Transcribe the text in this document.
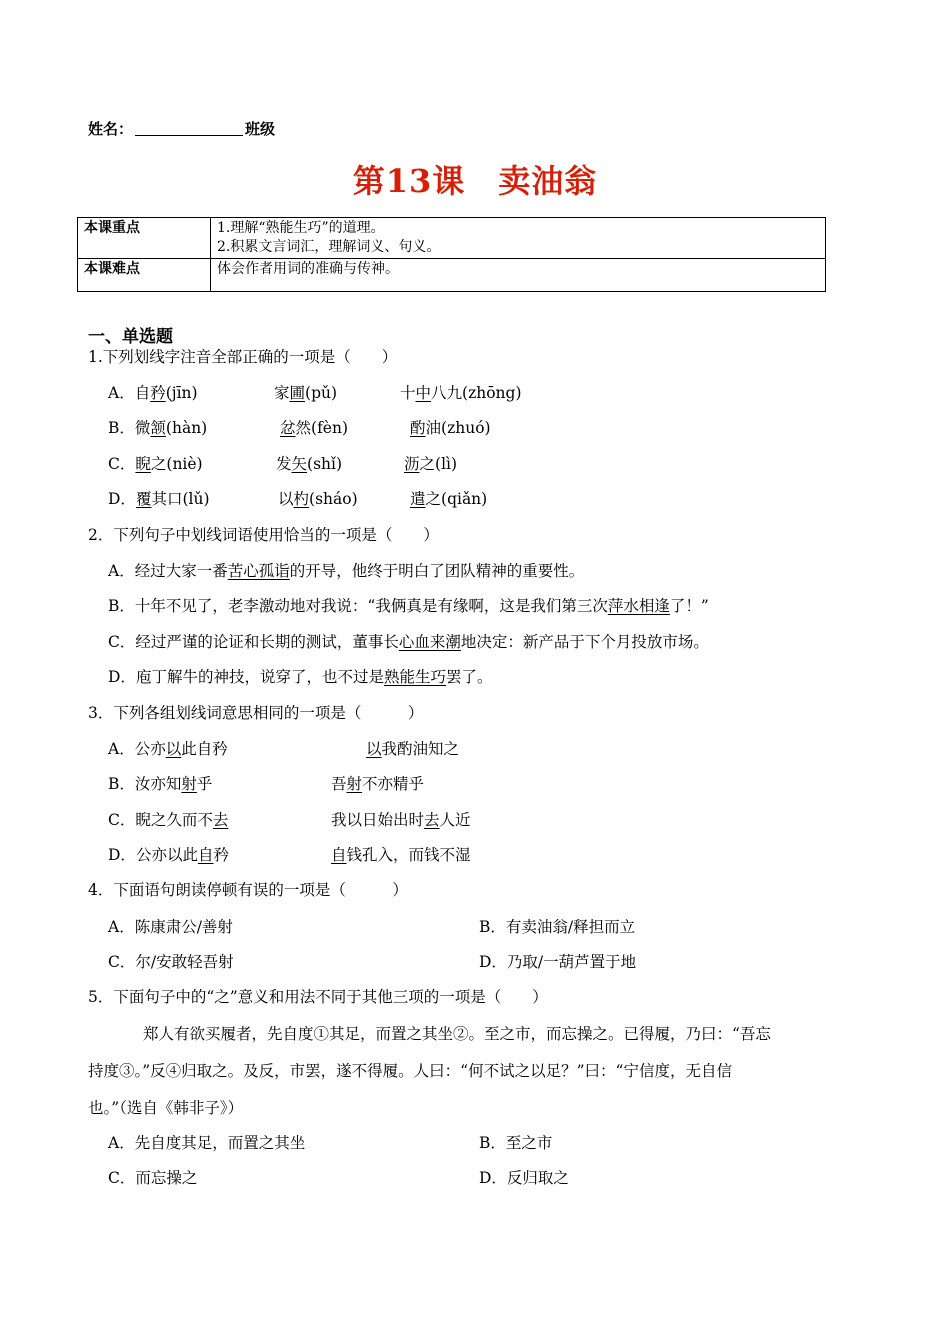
姓名：	班级
第13课　卖油翁
本课重点	1.理解“熟能生巧”的道理。
2.积累文言词汇，理解词义、句义。

本课难点	体会作者用词的准确与传神。
一、单选题
1.下列划线字注音全部正确的一项是（　　）
A．自矜(jīn)	家圃(pǔ)	十中八九(zhōng)
B．微颔(hàn)	忿然(fèn)	酌油(zhuó)
C．睨之(niè)	发矢(shǐ)	沥之(lì)
D．覆其口(lǔ)	以杓(sháo)	遣之(qiǎn)
2．下列句子中划线词语使用恰当的一项是（　　）
A．经过大家一番苦心孤诣的开导，他终于明白了团队精神的重要性。
B．十年不见了，老李激动地对我说：“我俩真是有缘啊，这是我们第三次萍水相逢了！”
C．经过严谨的论证和长期的测试，董事长心血来潮地决定：新产品于下个月投放市场。
D．庖丁解牛的神技，说穿了，也不过是熟能生巧罢了。
3．下列各组划线词意思相同的一项是（　　　）
A．公亦以此自矜	以我酌油知之
B．汝亦知射乎	吾射不亦精乎
C．睨之久而不去	我以日始出时去人近
D．公亦以此自矜	自钱孔入，而钱不湿
4．下面语句朗读停顿有误的一项是（　　　）
A．陈康肃公/善射	B．有卖油翁/释担而立
C．尔/安敢轻吾射	D．乃取/一葫芦置于地
5．下面句子中的“之”意义和用法不同于其他三项的一项是（　　）
郑人有欲买履者，先自度①其足，而置之其坐②。至之市，而忘操之。已得履，乃曰：“吾忘
持度③。”反④归取之。及反，市罢，遂不得履。人曰：“何不试之以足？”曰：“宁信度，无自信
也。”（选自《韩非子》）
A．先自度其足，而置之其坐	B．至之市
C．而忘操之	D．反归取之
